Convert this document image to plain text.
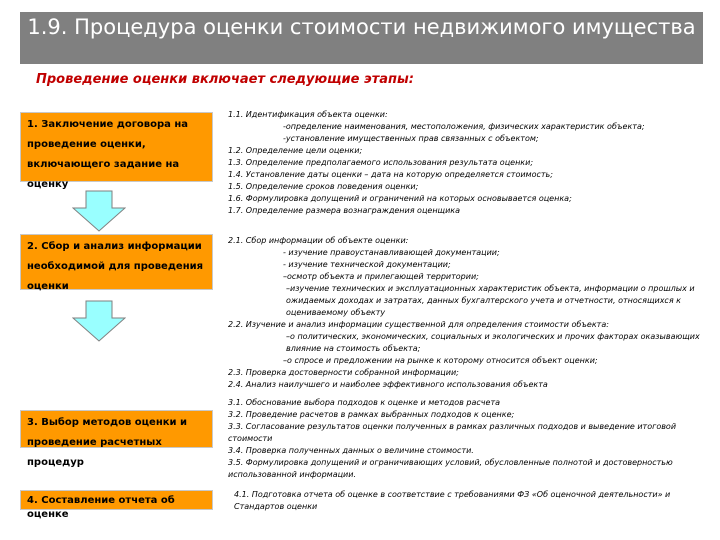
1.9. Процедура оценки стоимости недвижимого имущества
Проведение оценки включает следующие этапы:
1. Заключение договора на проведение оценки, включающего задание на оценку
2. Сбор и анализ информации необходимой для проведения оценки
3. Выбор методов оценки и проведение расчетных процедур
4. Составление отчета об оценке
1.1. Идентификация объекта оценки:
-определение наименования, местоположения, физических характеристик объекта;
-установление имущественных прав связанных с объектом;
1.2. Определение цели оценки;
1.3. Определение предполагаемого использования результата оценки;
1.4. Установление даты оценки – дата на которую определяется стоимость;
1.5. Определение сроков поведения оценки;
1.6. Формулировка допущений и ограничений на которых основывается оценка;
1.7. Определение размера вознаграждения оценщика
2.1. Сбор информации об объекте оценки:
- изучение правоустанавливающей документации;
- изучение технической документации;
–осмотр объекта и прилегающей территории;
–изучение технических и эксплуатационных характеристик объекта, информации о прошлых и ожидаемых доходах и затратах, данных бухгалтерского учета и отчетности, относящихся к оцениваемому объекту
2.2. Изучение и анализ информации существенной для определения стоимости объекта:
–о политических, экономических, социальных и экологических и прочих факторах оказывающих влияние на стоимость объекта;
–о спросе и предложении на рынке к которому относится объект оценки;
2.3. Проверка достоверности собранной информации;
2.4. Анализ наилучшего и наиболее эффективного использования объекта
3.1. Обоснование выбора подходов к оценке и методов расчета
3.2. Проведение расчетов в рамках выбранных подходов к оценке;
3.3. Согласование результатов оценки полученных в рамках различных подходов и выведение итоговой стоимости
3.4. Проверка полученных данных о величине стоимости.
3.5. Формулировка допущений и ограничивающих условий, обусловленные полнотой и достоверностью использованной информации.
4.1. Подготовка отчета об оценке в соответствие с требованиями ФЗ «Об оценочной деятельности» и Стандартов оценки
